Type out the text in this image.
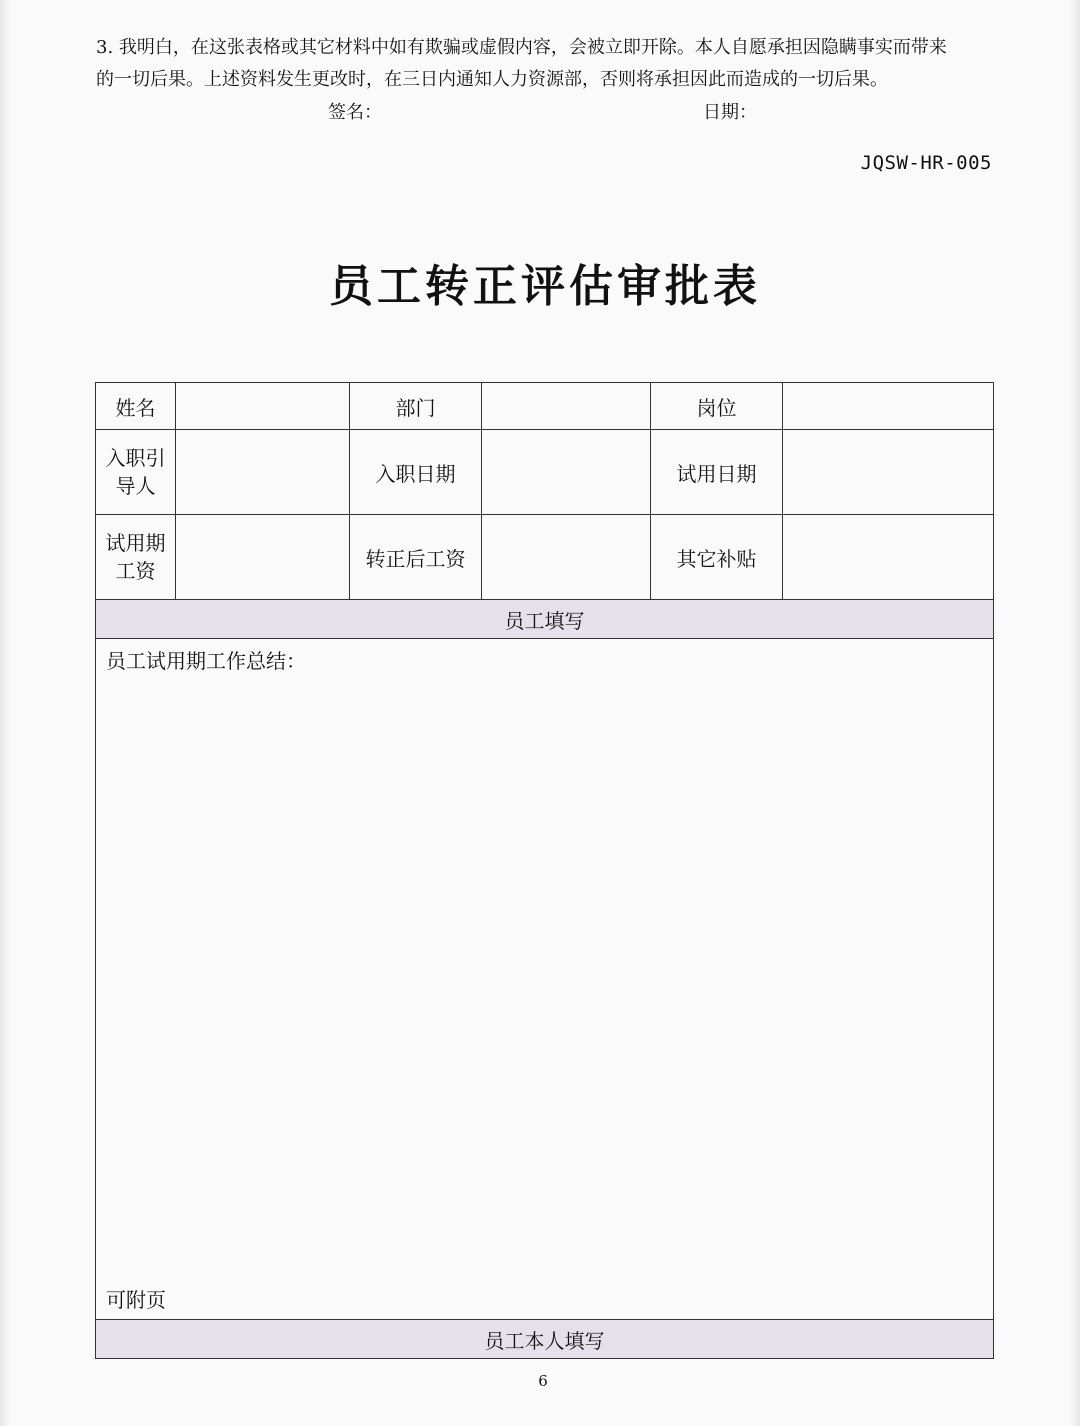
3. 我明白，在这张表格或其它材料中如有欺骗或虚假内容，会被立即开除。本人自愿承担因隐瞒事实而带来

的一切后果。上述资料发生更改时，在三日内通知人力资源部，否则将承担因此而造成的一切后果。

签名：	日期：
JQSW-HR-005
员工转正评估审批表
姓名		部门		岗位	
入职引导人		入职日期		试用日期	
试用期工资		转正后工资		其它补贴	
员工填写					

员工试用期工作总结：
可附页					

员工本人填写					
6
